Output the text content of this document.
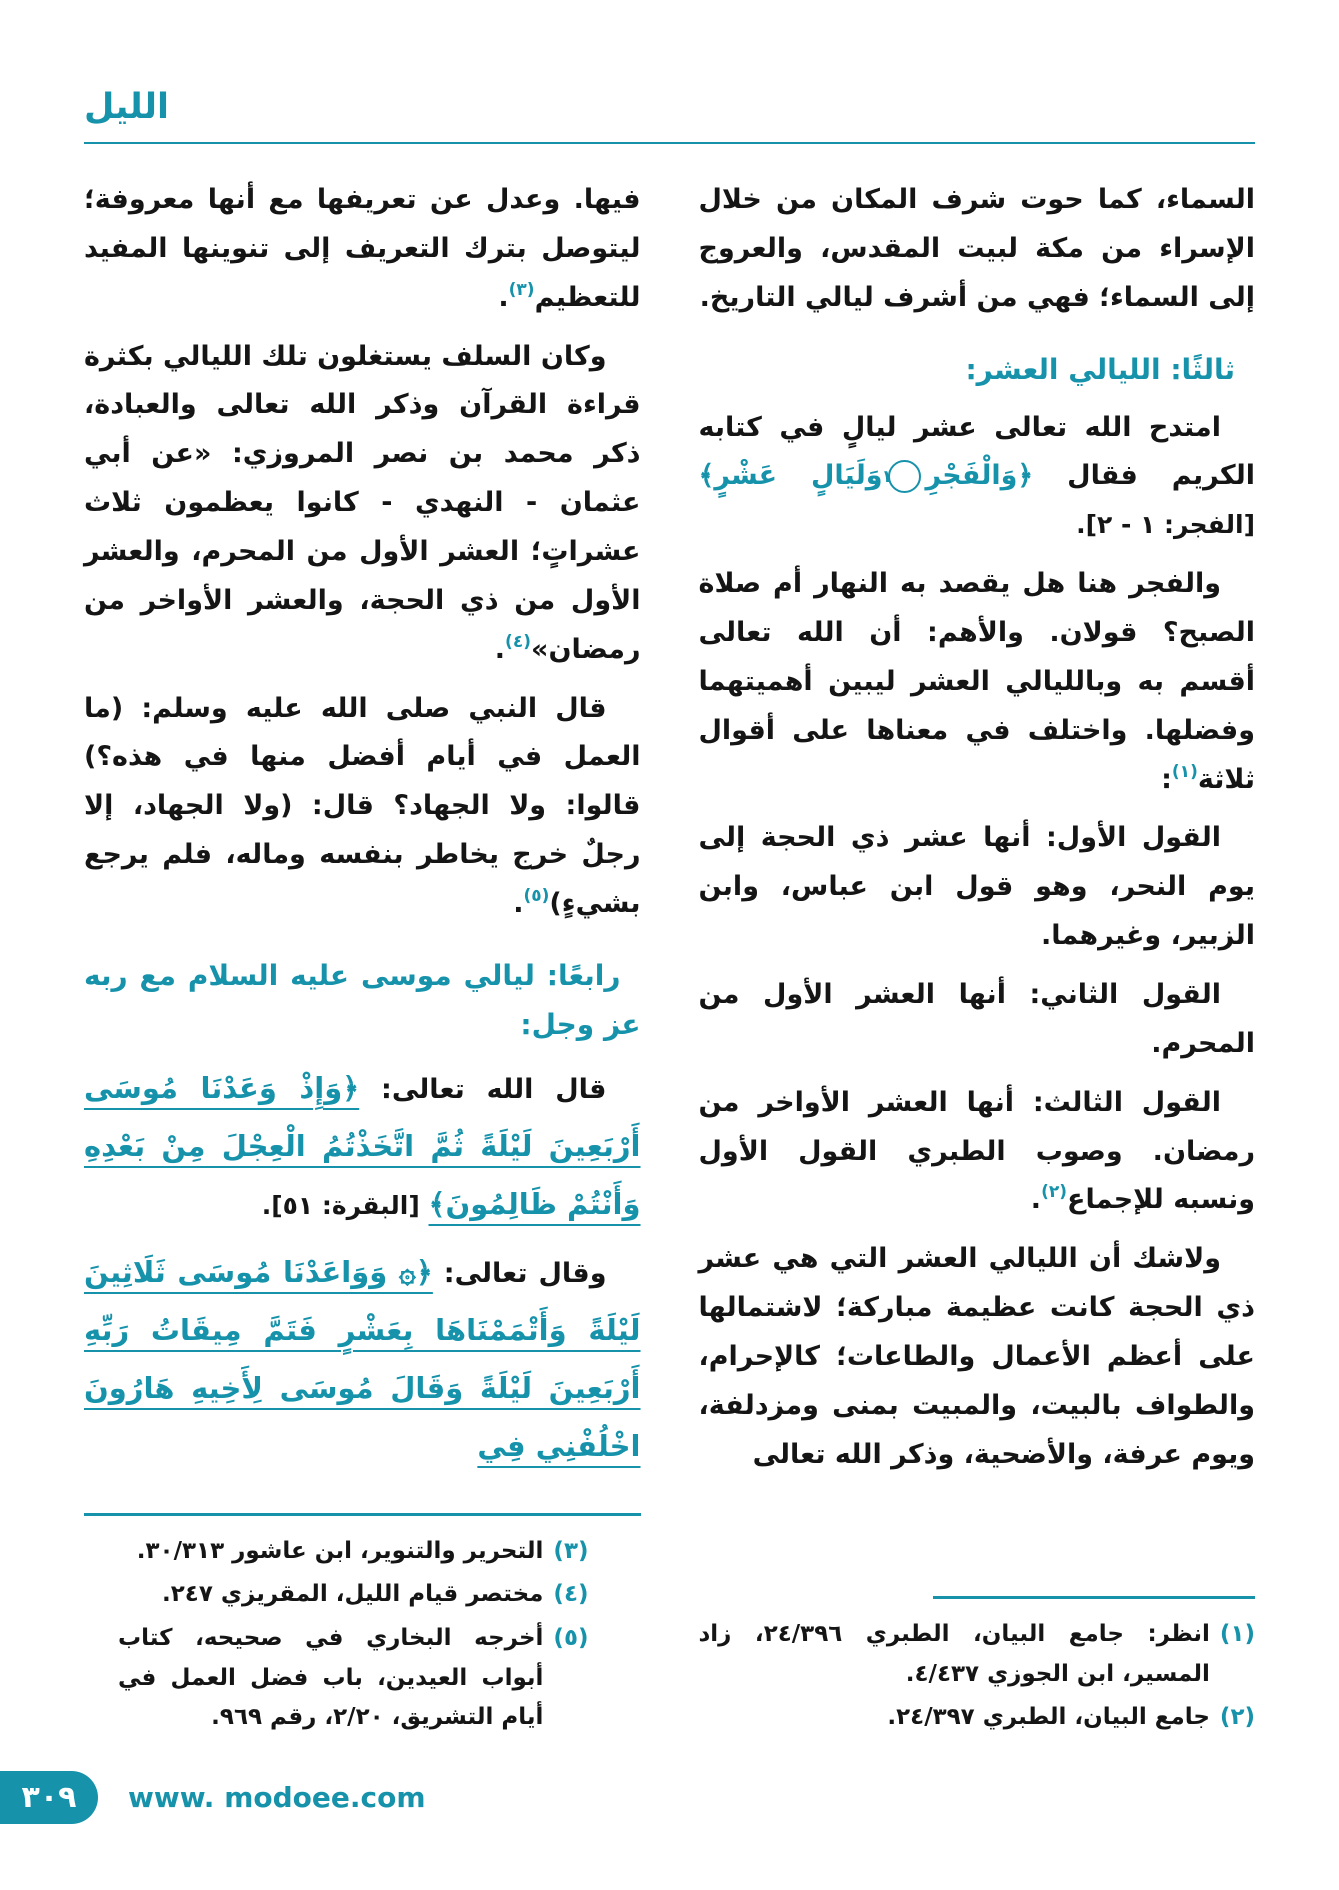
الليل

السماء، كما حوت شرف المكان من خلال الإسراء من مكة لبيت المقدس، والعروج إلى السماء؛ فهي من أشرف ليالي التاريخ.

ثالثًا: الليالي العشر:

امتدح الله تعالى عشر ليالٍ في كتابه الكريم فقال ﴿وَالْفَجْرِ١وَلَيَالٍ عَشْرٍ﴾ [الفجر: ١ - ٢].

والفجر هنا هل يقصد به النهار أم صلاة الصبح؟ قولان. والأهم: أن الله تعالى أقسم به وبالليالي العشر ليبين أهميتهما وفضلها. واختلف في معناها على أقوال ثلاثة$^{(١)}$:

القول الأول: أنها عشر ذي الحجة إلى يوم النحر، وهو قول ابن عباس، وابن الزبير، وغيرهما.

القول الثاني: أنها العشر الأول من المحرم.

القول الثالث: أنها العشر الأواخر من رمضان. وصوب الطبري القول الأول ونسبه للإجماع$^{(٢)}$.

ولاشك أن الليالي العشر التي هي عشر ذي الحجة كانت عظيمة مباركة؛ لاشتمالها على أعظم الأعمال والطاعات؛ كالإحرام، والطواف بالبيت، والمبيت بمنى ومزدلفة، ويوم عرفة، والأضحية، وذكر الله تعالى

(١)
انظر: جامع البيان، الطبري ٢٤/٣٩٦، زاد المسير، ابن الجوزي ٤/٤٣٧.
(٢)
جامع البيان، الطبري ٢٤/٣٩٧.

فيها. وعدل عن تعريفها مع أنها معروفة؛ ليتوصل بترك التعريف إلى تنوينها المفيد للتعظيم$^{(٣)}$.

وكان السلف يستغلون تلك الليالي بكثرة قراءة القرآن وذكر الله تعالى والعبادة، ذكر محمد بن نصر المروزي: «عن أبي عثمان - النهدي - كانوا يعظمون ثلاث عشراتٍ؛ العشر الأول من المحرم، والعشر الأول من ذي الحجة، والعشر الأواخر من رمضان»$^{(٤)}$.

قال النبي صلى الله عليه وسلم: (ما العمل في أيام أفضل منها في هذه؟) قالوا: ولا الجهاد؟ قال: (ولا الجهاد، إلا رجلٌ خرج يخاطر بنفسه وماله، فلم يرجع بشيءٍ)$^{(٥)}$.

رابعًا: ليالي موسى عليه السلام مع ربه عز وجل:

قال الله تعالى: ﴿وَإِذْ وَعَدْنَا مُوسَى أَرْبَعِينَ لَيْلَةً ثُمَّ اتَّخَذْتُمُ الْعِجْلَ مِنْ بَعْدِهِ وَأَنْتُمْ ظَالِمُونَ﴾ [البقرة: ٥١].

وقال تعالى: ﴿۞ وَوَاعَدْنَا مُوسَى ثَلَاثِينَ لَيْلَةً وَأَتْمَمْنَاهَا بِعَشْرٍ فَتَمَّ مِيقَاتُ رَبِّهِ أَرْبَعِينَ لَيْلَةً وَقَالَ مُوسَى لِأَخِيهِ هَارُونَ اخْلُفْنِي فِي

(٣)
التحرير والتنوير، ابن عاشور ٣٠/٣١٣.
(٤)
مختصر قيام الليل، المقريزي ٢٤٧.
(٥)
أخرجه البخاري في صحيحه، كتاب أبواب العيدين، باب فضل العمل في أيام التشريق، ٢/٢٠، رقم ٩٦٩.
٣٠٩ www. modoee.com
